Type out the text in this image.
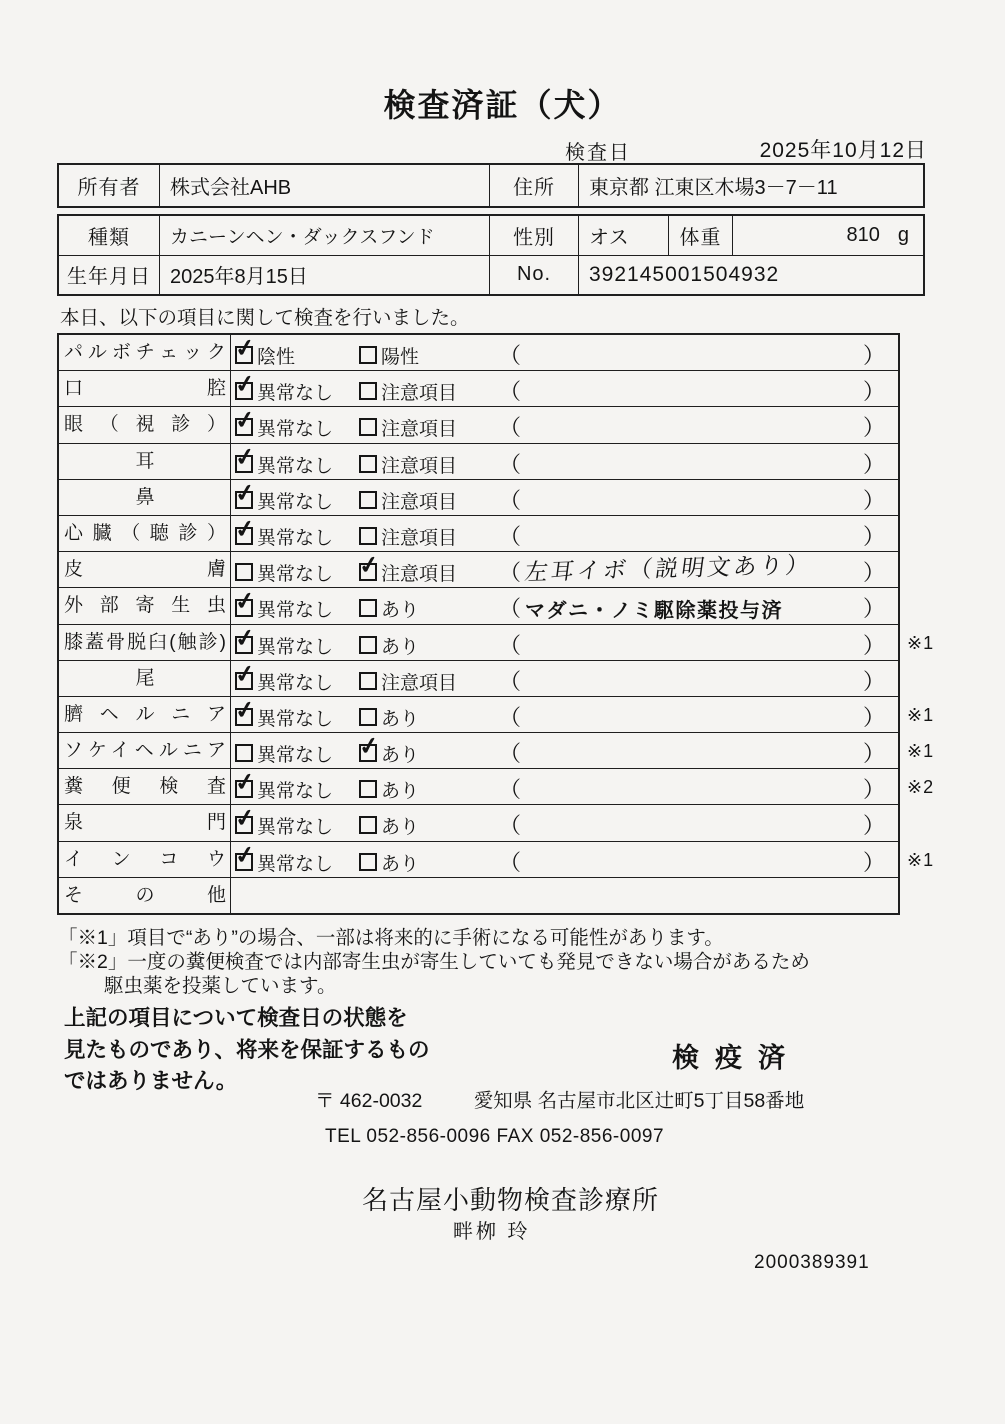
検査済証（犬）
検査日	2025年10月12日
所有者	株式会社AHB	住所	東京都 江東区木場3－7－11
種類	カニーンヘン・ダックスフンド	性別	オス	体重	810 g
生年月日 2025年8月15日	No.	392145001504932
本日、以下の項目に関して検査を行いました。
パルボチェック ✓ 陰性	陽性	（	）
口腔 ✓ 異常なし	注意項目 （	）
眼（視診） ✓ 異常なし	注意項目 （	）
耳	✓ 異常なし	注意項目 （	）
鼻	✓ 異常なし	注意項目 （	）
心臓（聴診） ✓ 異常なし	注意項目 （	）
皮膚	異常なし ✓ 注意項目 （ 左耳イボ（説明文あり） ）
外部寄生虫 ✓ 異常なし	あり	（ マダニ・ノミ駆除薬投与済	）
膝蓋骨脱臼(触診) ✓ 異常なし	あり	（	） ※1
尾	✓ 異常なし	注意項目 （	）
臍ヘルニア ✓ 異常なし	あり	（	） ※1
ソケイヘルニア	異常なし ✓ あり	（	） ※1
糞便検査 ✓ 異常なし	あり	（	） ※2
泉門 ✓ 異常なし	あり	（	）
インコウ ✓ 異常なし	あり	（	） ※1
その他
「※1」項目で“あり”の場合、一部は将来的に手術になる可能性があります。
「※2」一度の糞便検査では内部寄生虫が寄生していても発見できない場合があるため
駆虫薬を投薬しています。
上記の項目について検査日の状態を
見たものであり、将来を保証するもの
ではありません。
検疫済
〒 462-0032	愛知県 名古屋市北区辻町5丁目58番地
TEL 052-856-0096 FAX 052-856-0097
名古屋小動物検査診療所
畔栁 玲
2000389391
